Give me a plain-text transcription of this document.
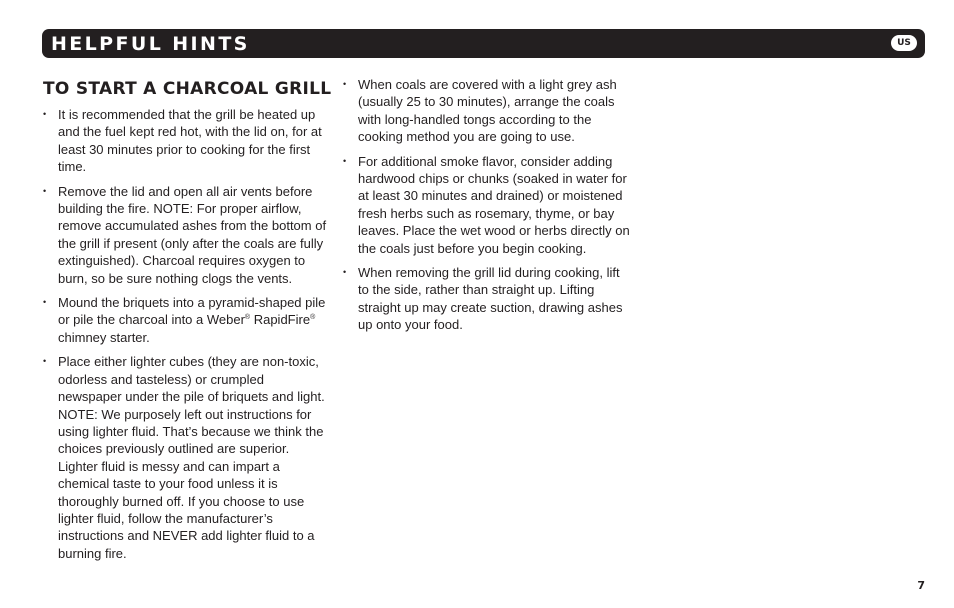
HELPFUL HINTS	US
TO START A CHARCOAL GRILL
• It is recommended that the grill be heated up and the fuel kept red hot, with the lid on, for at least 30 minutes prior to cooking for the first time.
• Remove the lid and open all air vents before building the fire. NOTE: For proper airflow, remove accumulated ashes from the bottom of the grill if present (only after the coals are fully extinguished). Charcoal requires oxygen to burn, so be sure nothing clogs the vents.
• Mound the briquets into a pyramid-shaped pile or pile the charcoal into a Weber® RapidFire® chimney starter.
• Place either lighter cubes (they are non-toxic, odorless and tasteless) or crumpled newspaper under the pile of briquets and light. NOTE: We purposely left out instructions for using lighter fluid. That’s because we think the choices previously outlined are superior. Lighter fluid is messy and can impart a chemical taste to your food unless it is thoroughly burned off. If you choose to use lighter fluid, follow the manufacturer’s instructions and NEVER add lighter fluid to a burning fire.
• When coals are covered with a light grey ash (usually 25 to 30 minutes), arrange the coals with long-handled tongs according to the cooking method you are going to use.
• For additional smoke flavor, consider adding hardwood chips or chunks (soaked in water for at least 30 minutes and drained) or moistened fresh herbs such as rosemary, thyme, or bay leaves. Place the wet wood or herbs directly on the coals just before you begin cooking.
• When removing the grill lid during cooking, lift to the side, rather than straight up. Lifting straight up may create suction, drawing ashes up onto your food.
7
